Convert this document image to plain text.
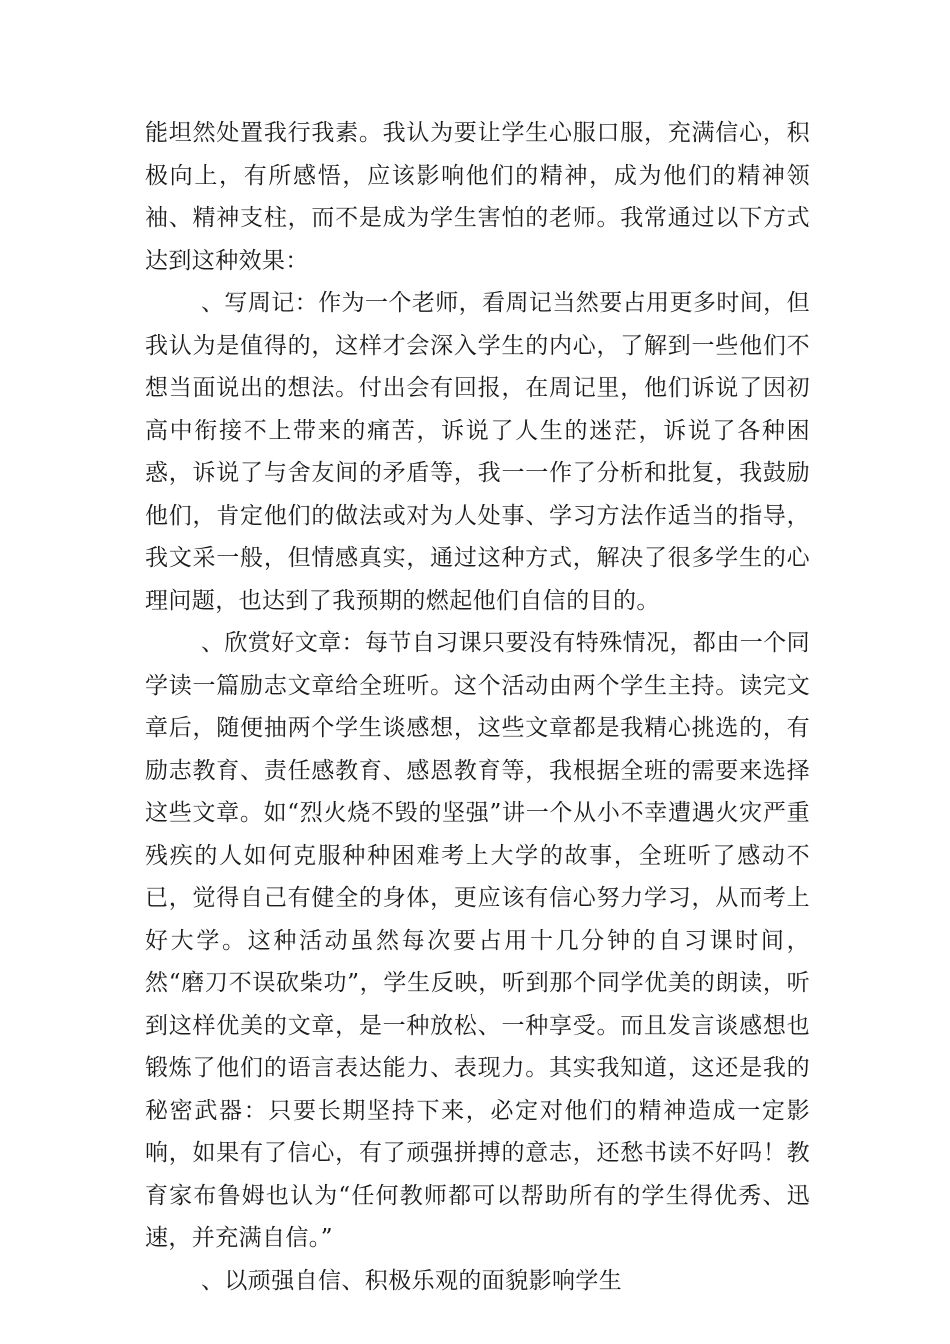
能坦然处置我行我素。我认为要让学生心服口服，充满信心，积极向上，有所感悟，应该影响他们的精神，成为他们的精神领袖、精神支柱，而不是成为学生害怕的老师。我常通过以下方式达到这种效果：

、写周记：作为一个老师，看周记当然要占用更多时间，但我认为是值得的，这样才会深入学生的内心，了解到一些他们不想当面说出的想法。付出会有回报，在周记里，他们诉说了因初高中衔接不上带来的痛苦，诉说了人生的迷茫，诉说了各种困惑，诉说了与舍友间的矛盾等，我一一作了分析和批复，我鼓励他们，肯定他们的做法或对为人处事、学习方法作适当的指导，我文采一般，但情感真实，通过这种方式，解决了很多学生的心理问题，也达到了我预期的燃起他们自信的目的。

、欣赏好文章：每节自习课只要没有特殊情况，都由一个同学读一篇励志文章给全班听。这个活动由两个学生主持。读完文章后，随便抽两个学生谈感想，这些文章都是我精心挑选的，有励志教育、责任感教育、感恩教育等，我根据全班的需要来选择这些文章。如“烈火烧不毁的坚强”讲一个从小不幸遭遇火灾严重残疾的人如何克服种种困难考上大学的故事，全班听了感动不已，觉得自己有健全的身体，更应该有信心努力学习，从而考上好大学。这种活动虽然每次要占用十几分钟的自习课时间，然“磨刀不误砍柴功”，学生反映，听到那个同学优美的朗读，听到这样优美的文章，是一种放松、一种享受。而且发言谈感想也锻炼了他们的语言表达能力、表现力。其实我知道，这还是我的秘密武器：只要长期坚持下来，必定对他们的精神造成一定影响，如果有了信心，有了顽强拼搏的意志，还愁书读不好吗！教育家布鲁姆也认为“任何教师都可以帮助所有的学生得优秀、迅速，并充满自信。”

、以顽强自信、积极乐观的面貌影响学生
